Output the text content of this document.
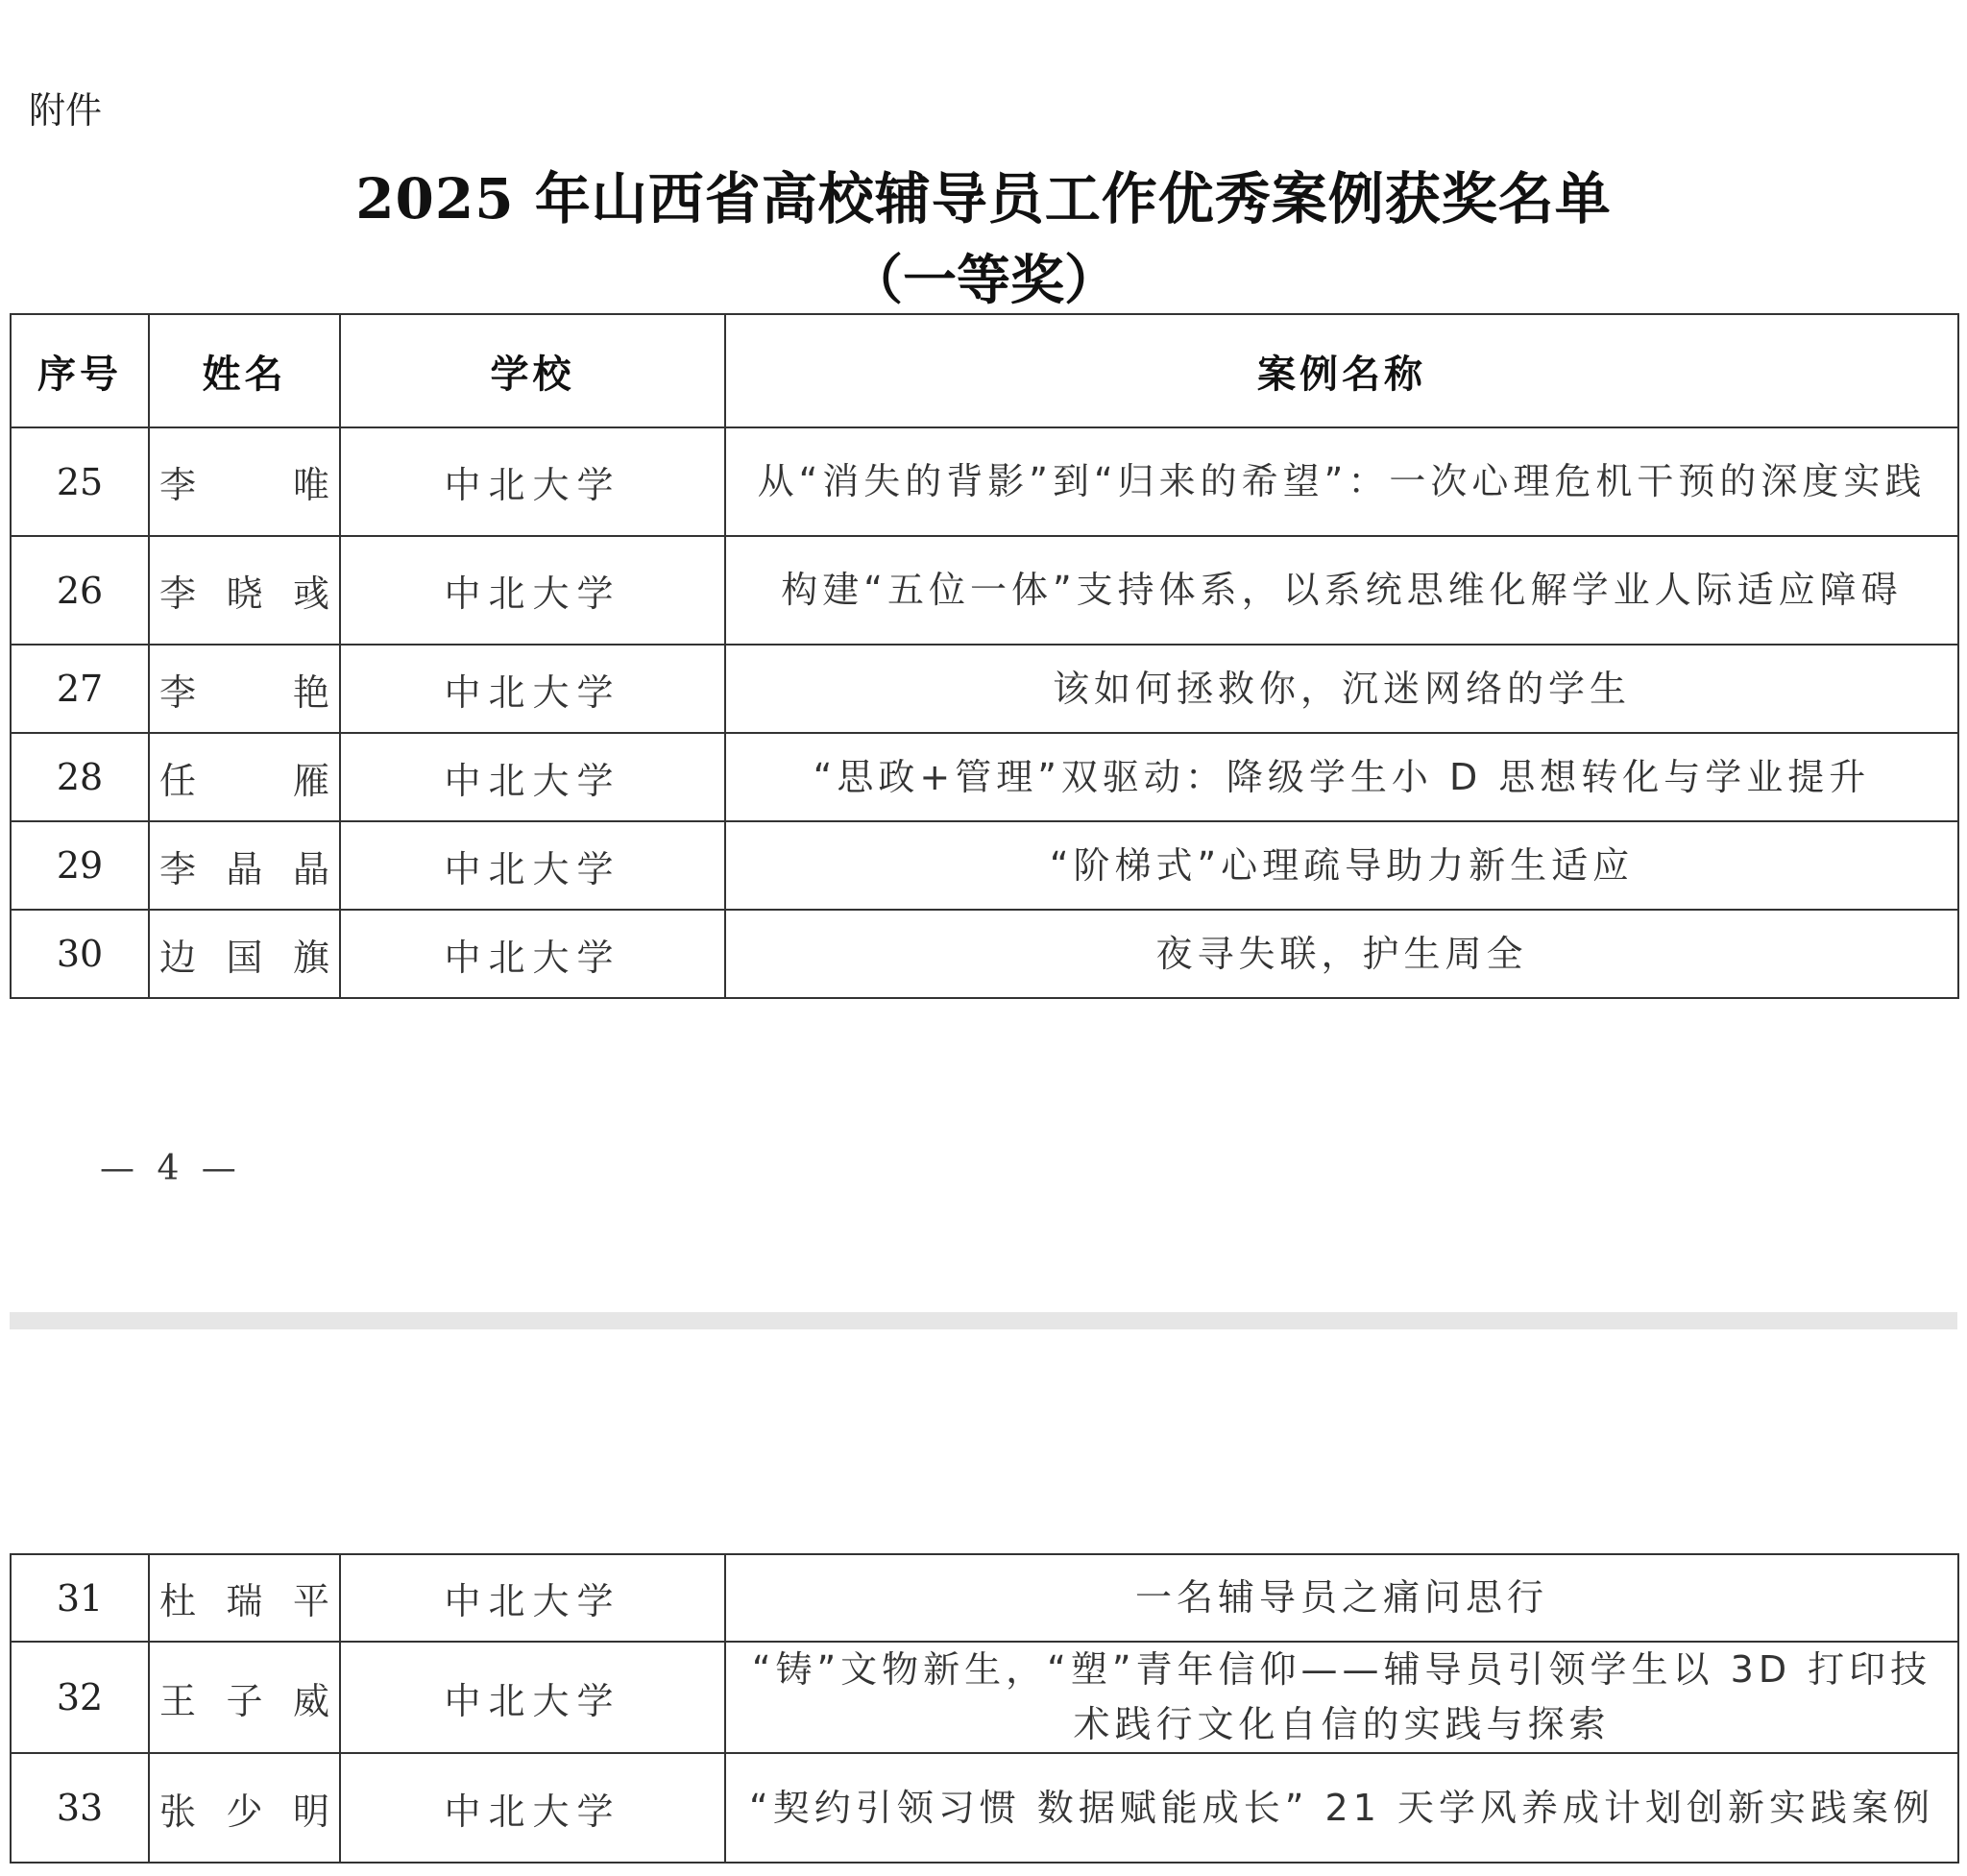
附件
2025 年山西省高校辅导员工作优秀案例获奖名单
（一等奖）
序号	姓名	学校	案例名称
25	李 唯	中北大学	从“消失的背影”到“归来的希望”：一次心理危机干预的深度实践
26	李晓彧	中北大学	构建“五位一体”支持体系，以系统思维化解学业人际适应障碍
27	李 艳	中北大学	该如何拯救你，沉迷网络的学生
28	任 雁	中北大学	“思政+管理”双驱动：降级学生小 D 思想转化与学业提升
29	李晶晶	中北大学	“阶梯式”心理疏导助力新生适应
30	边国旗	中北大学	夜寻失联，护生周全
— 4 —
31	杜瑞平	中北大学	一名辅导员之痛问思行
32	王子威	中北大学	“铸”文物新生，“塑”青年信仰——辅导员引领学生以 3D 打印技术践行文化自信的实践与探索
33	张少明	中北大学	“契约引领习惯 数据赋能成长” 21 天学风养成计划创新实践案例
